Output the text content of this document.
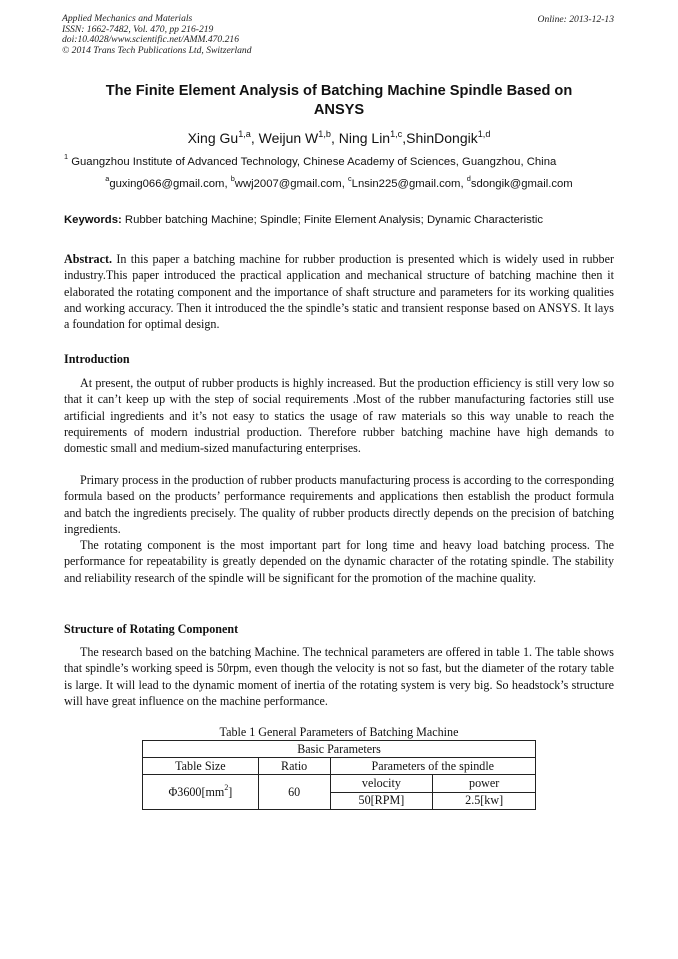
Applied Mechanics and Materials
ISSN: 1662-7482, Vol. 470, pp 216-219
doi:10.4028/www.scientific.net/AMM.470.216
© 2014 Trans Tech Publications Ltd, Switzerland
Online: 2013-12-13
The Finite Element Analysis of Batching Machine Spindle Based on
ANSYS
Xing Gu$^{1,a}$, Weijun W$^{1,b}$, Ning Lin$^{1,c}$,ShinDongik$^{1,d}$
$^1$ Guangzhou Institute of Advanced Technology, Chinese Academy of Sciences, Guangzhou, China
$^a$guxing066@gmail.com, $^b$wwj2007@gmail.com, $^c$Lnsin225@gmail.com, $^d$sdongik@gmail.com
Keywords: Rubber batching Machine; Spindle; Finite Element Analysis; Dynamic Characteristic
Abstract. In this paper a batching machine for rubber production is presented which is widely used in rubber industry.This paper introduced the practical application and mechanical structure of batching machine then it elaborated the rotating component and the importance of shaft structure and parameters for its working qualities and working accuracy. Then it introduced the the spindle’s static and transient response based on ANSYS. It lays a foundation for optimal design.
Introduction
At present, the output of rubber products is highly increased. But the production efficiency is still very low so that it can’t keep up with the step of social requirements .Most of the rubber manufacturing factories still use artificial ingredients and it’s not easy to statics the usage of raw materials so this way unable to reach the requirements of modern industrial production. Therefore rubber batching machine have high demands to domestic small and medium-sized manufacturing enterprises.
Primary process in the production of rubber products manufacturing process is according to the corresponding formula based on the products’ performance requirements and applications then establish the product formula and batch the ingredients precisely. The quality of rubber products directly depends on the precision of batching ingredients.
The rotating component is the most important part for long time and heavy load batching process. The performance for repeatability is greatly depended on the dynamic character of the rotating spindle. The stability and reliability research of the spindle will be significant for the promotion of the machine quality.
Structure of Rotating Component
The research based on the batching Machine. The technical parameters are offered in table 1. The table shows that spindle’s working speed is 50rpm, even though the velocity is not so fast, but the diameter of the rotary table is large. It will lead to the dynamic moment of inertia of the rotating system is very big. So headstock’s structure will have great influence on the machine performance.
Table 1 General Parameters of Batching Machine
Basic Parameters			
Table Size	Ratio	Parameters of the spindle	
$\Phi 3600[mm^2]$	60	velocity	power
		50[RPM]	2.5[kw]
